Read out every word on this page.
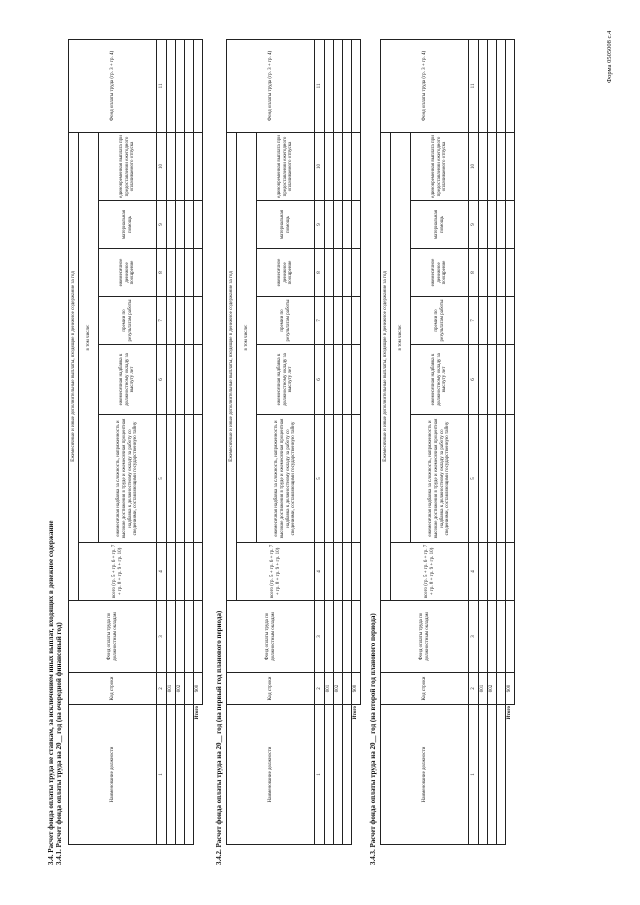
Форма 0505008 с.4
3.4. Расчет фонда оплаты труда не ставкам, за исключением иных выплат, входящих в денежное содержание 3.4.1. Расчет фонда оплаты труда на 20__ год (на очередной финансовый год)	3.4.2. Расчет фонда оплаты труда на 20__ год (на первый год планового периода)	3.4.3. Расчет фонда оплаты труда на 20__ год (на второй год планового периода)
Наименование должности	Код строки	Фонд оплаты труда по должностным окладам	Ежемесячные и иные дополнительные выплаты, входящие в денежное содержание за год							Фонд оплаты труда (гр. 3 + гр. 4)
			всего (гр. 5 + гр. 6 + гр. 7 + гр. 8 + гр. 9 + гр. 10)	в том числе:						
				ежемесячная надбавка за сложность, напряженность и высокие достижения в труде и ежемесячная процентная надбавка к должностному окладу за работу со сведениями, составляющими государственную тайну	ежемесячная надбавка к должностному окладу за выслугу лет	премии по результатам работы	ежемесячное денежное поощрение	материальная помощь	единовременная выплата при предоставлении ежегодного оплачиваемого отпуска	
1	2	3	4	5	6	7	8	9	10	11
	001									
	002									

Итого	900									
Наименование должности	Код строки	Фонд оплаты труда по должностным окладам	Ежемесячные и иные дополнительные выплаты, входящие в денежное содержание за год							Фонд оплаты труда (гр. 3 + гр. 4)
			всего (гр. 5 + гр. 6 + гр. 7 + гр. 8 + гр. 9 + гр. 10)	в том числе:						
				ежемесячная надбавка за сложность, напряженность и высокие достижения в труде и ежемесячная процентная надбавка к должностному окладу за работу со сведениями, составляющими государственную тайну	ежемесячная надбавка к должностному окладу за выслугу лет	премии по результатам работы	ежемесячное денежное поощрение	материальная помощь	единовременная выплата при предоставлении ежегодного оплачиваемого отпуска	
1	2	3	4	5	6	7	8	9	10	11
	001									
	002									

Итого	900									
Наименование должности	Код строки	Фонд оплаты труда по должностным окладам	Ежемесячные и иные дополнительные выплаты, входящие в денежное содержание за год							Фонд оплаты труда (гр. 3 + гр. 4)
			всего (гр. 5 + гр. 6 + гр. 7 + гр. 8 + гр. 9 + гр. 10)	в том числе:						
				ежемесячная надбавка за сложность, напряженность и высокие достижения в труде и ежемесячная процентная надбавка к должностному окладу за работу со сведениями, составляющими государственную тайну	ежемесячная надбавка к должностному окладу за выслугу лет	премии по результатам работы	ежемесячное денежное поощрение	материальная помощь	единовременная выплата при предоставлении ежегодного оплачиваемого отпуска	
1	2	3	4	5	6	7	8	9	10	11
	001									
	002									

Итого	900									
